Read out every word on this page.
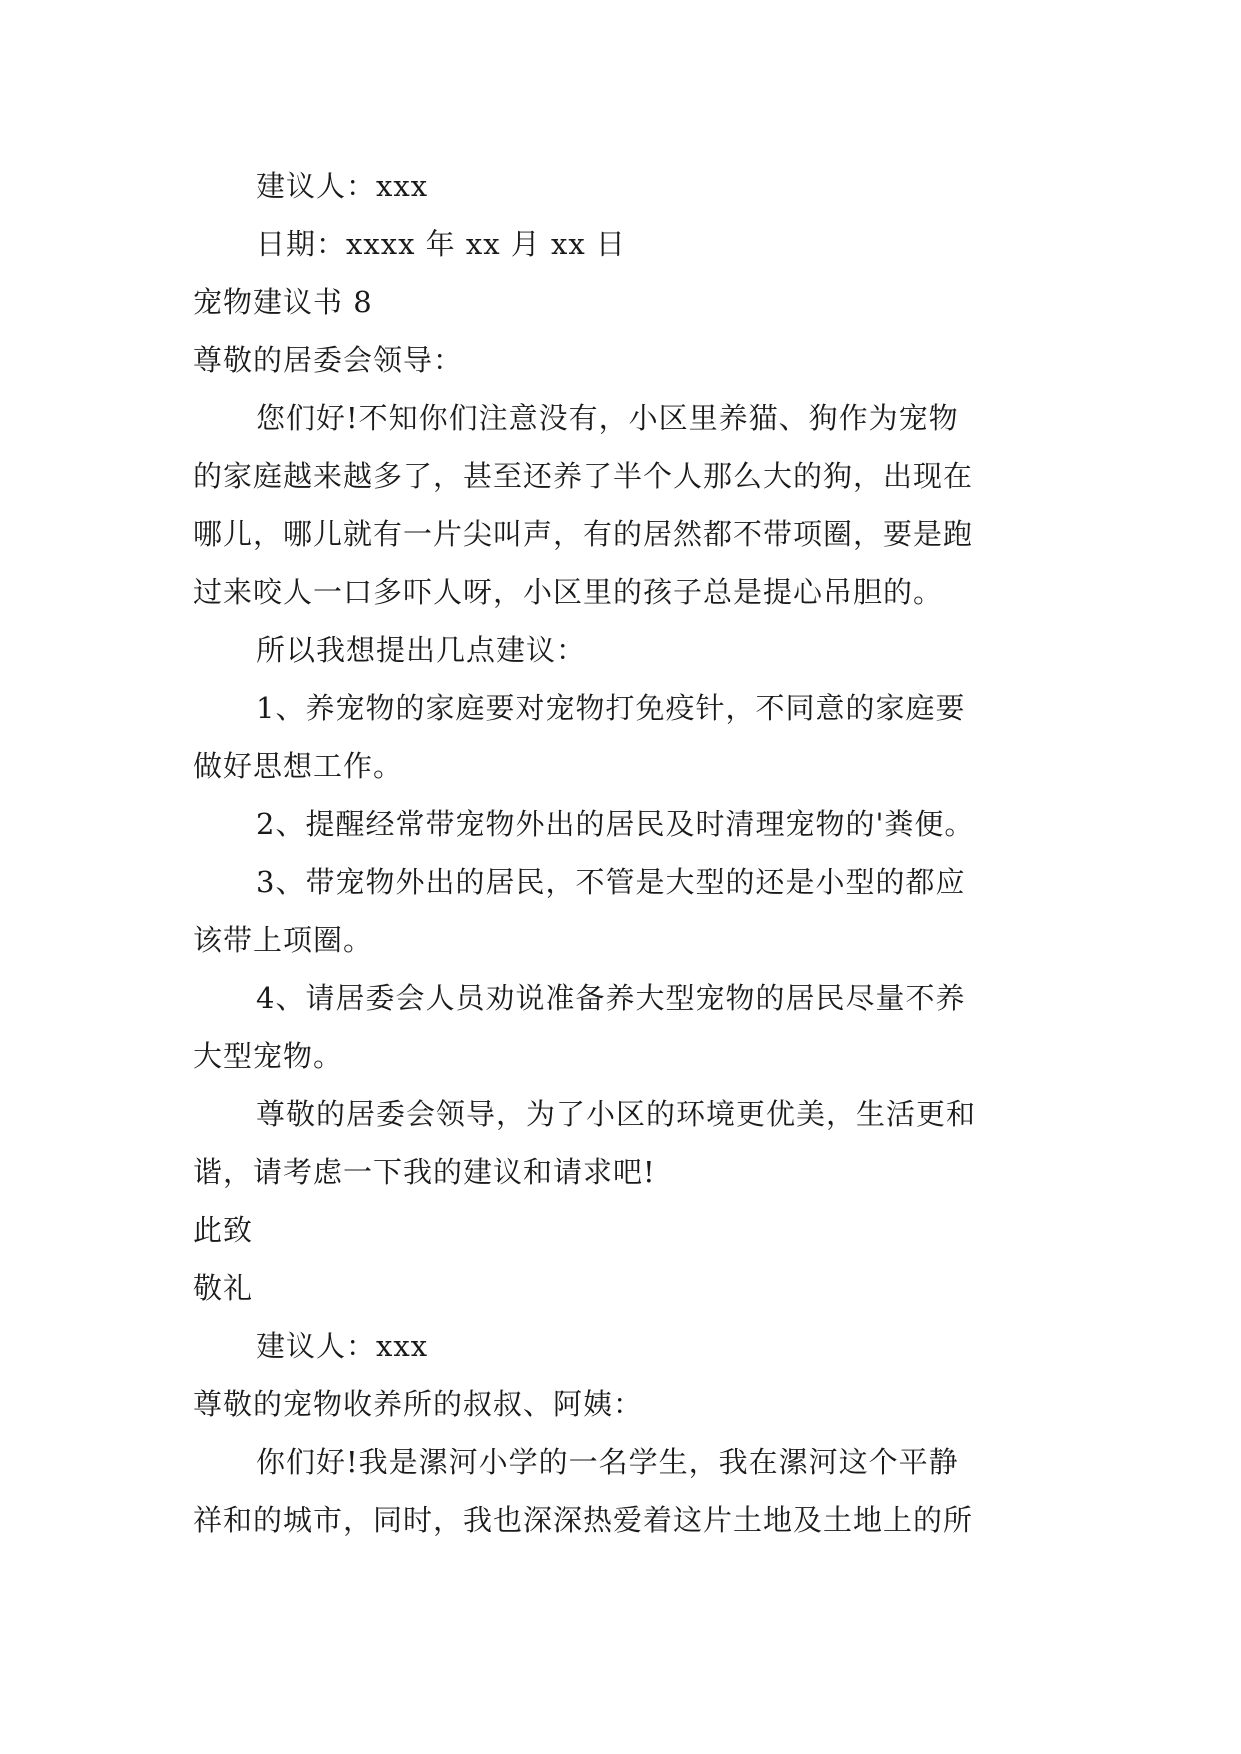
建议人：xxx
日期：xxxx 年 xx 月 xx 日
宠物建议书 8
尊敬的居委会领导：
您们好!不知你们注意没有，小区里养猫、狗作为宠物
的家庭越来越多了，甚至还养了半个人那么大的狗，出现在
哪儿，哪儿就有一片尖叫声，有的居然都不带项圈，要是跑
过来咬人一口多吓人呀，小区里的孩子总是提心吊胆的。
所以我想提出几点建议：
1、养宠物的家庭要对宠物打免疫针，不同意的家庭要
做好思想工作。
2、提醒经常带宠物外出的居民及时清理宠物的'粪便。
3、带宠物外出的居民，不管是大型的还是小型的都应
该带上项圈。
4、请居委会人员劝说准备养大型宠物的居民尽量不养
大型宠物。
尊敬的居委会领导，为了小区的环境更优美，生活更和
谐，请考虑一下我的建议和请求吧!
此致
敬礼
建议人：xxx
尊敬的宠物收养所的叔叔、阿姨：
你们好!我是漯河小学的一名学生，我在漯河这个平静
祥和的城市，同时，我也深深热爱着这片土地及土地上的所
